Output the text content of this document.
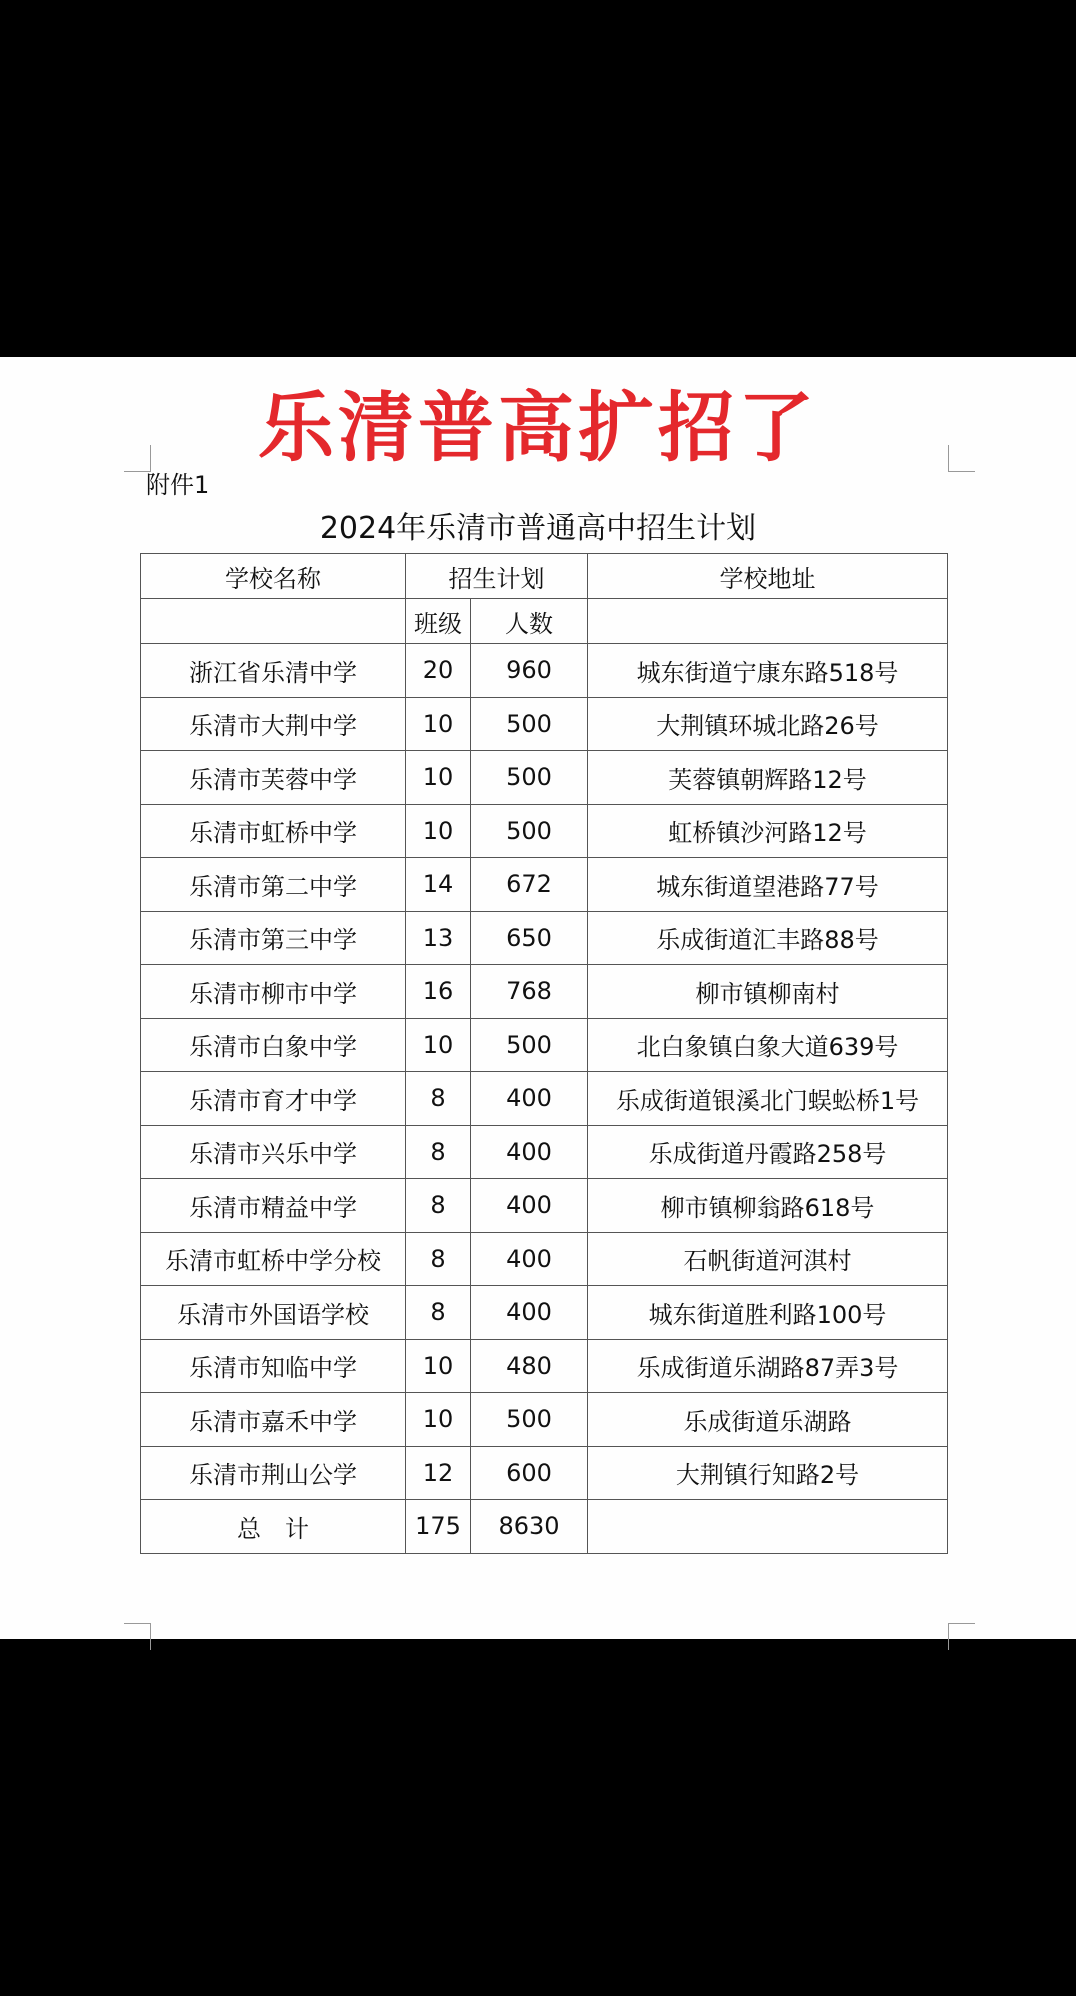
乐清普高扩招了
附件1
2024年乐清市普通高中招生计划
学校名称	招生计划		学校地址
	班级	人数	
浙江省乐清中学	20	960	城东街道宁康东路518号
乐清市大荆中学	10	500	大荆镇环城北路26号
乐清市芙蓉中学	10	500	芙蓉镇朝辉路12号
乐清市虹桥中学	10	500	虹桥镇沙河路12号
乐清市第二中学	14	672	城东街道望港路77号
乐清市第三中学	13	650	乐成街道汇丰路88号
乐清市柳市中学	16	768	柳市镇柳南村
乐清市白象中学	10	500	北白象镇白象大道639号
乐清市育才中学	8	400	乐成街道银溪北门蜈蚣桥1号
乐清市兴乐中学	8	400	乐成街道丹霞路258号
乐清市精益中学	8	400	柳市镇柳翁路618号
乐清市虹桥中学分校	8	400	石帆街道河淇村
乐清市外国语学校	8	400	城东街道胜利路100号
乐清市知临中学	10	480	乐成街道乐湖路87弄3号
乐清市嘉禾中学	10	500	乐成街道乐湖路
乐清市荆山公学	12	600	大荆镇行知路2号
总　计	175	8630	
